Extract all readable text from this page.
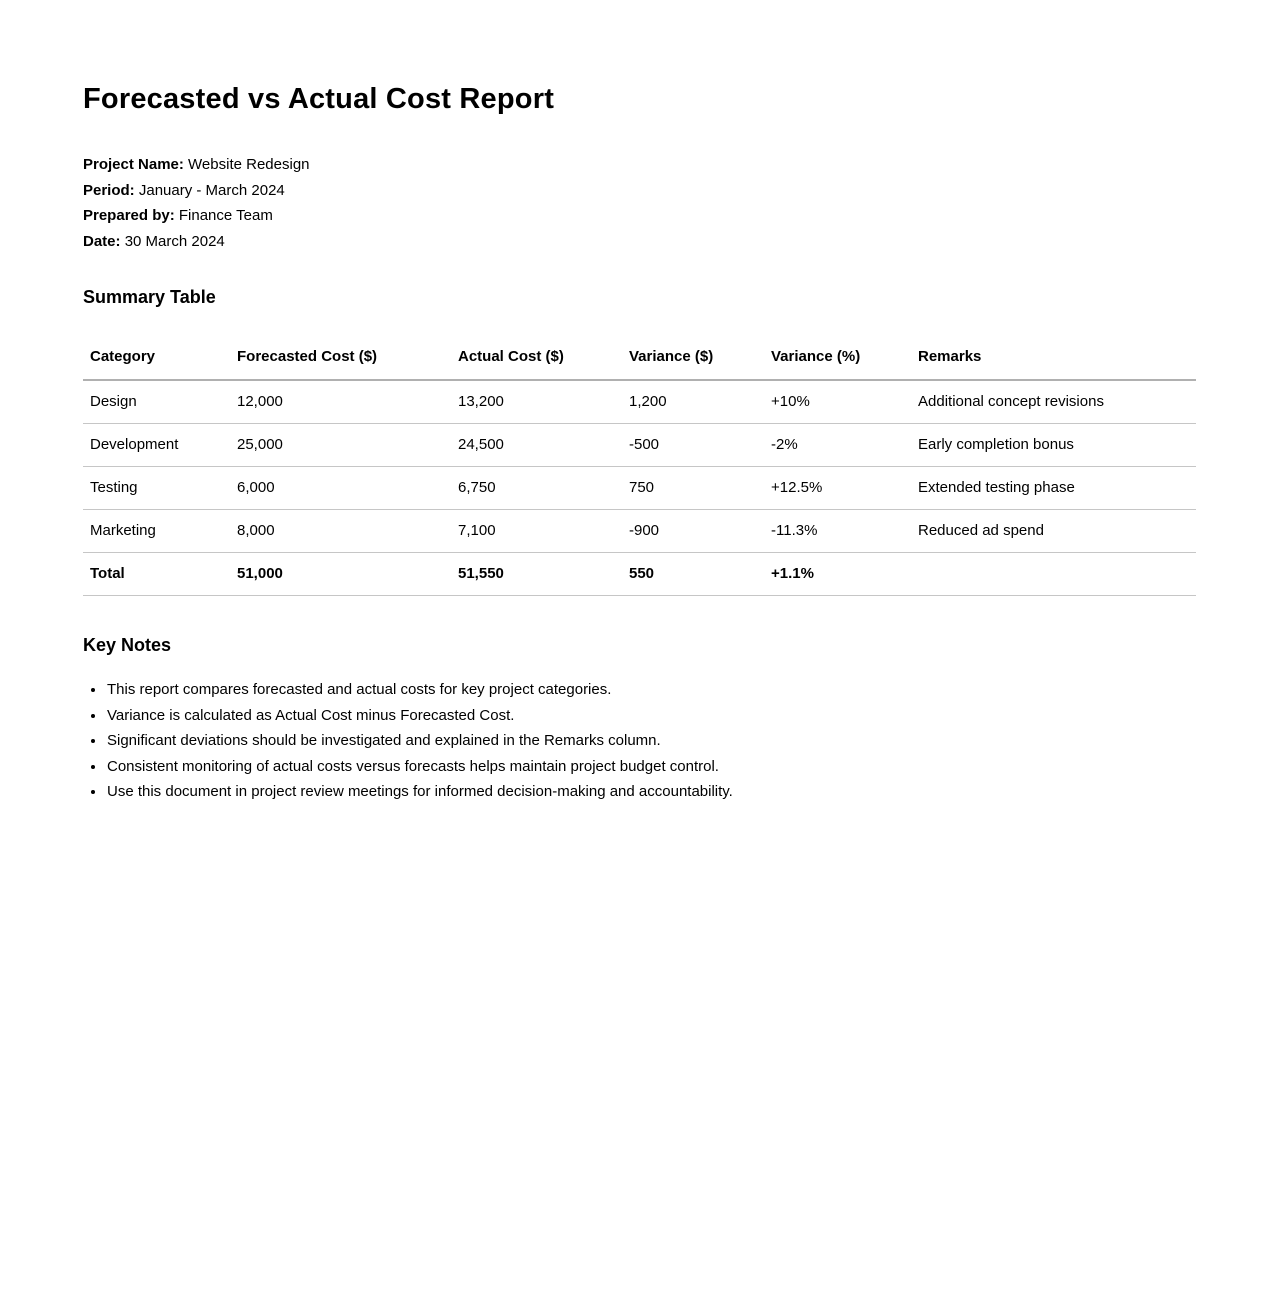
Forecasted vs Actual Cost Report

Project Name: Website Redesign

Period: January - March 2024

Prepared by: Finance Team

Date: 30 March 2024

Summary Table
Category	Forecasted Cost ($)	Actual Cost ($)	Variance ($)	Variance (%)	Remarks
Design	12,000	13,200	1,200	+10%	Additional concept revisions
Development	25,000	24,500	-500	-2%	Early completion bonus
Testing	6,000	6,750	750	+12.5%	Extended testing phase
Marketing	8,000	7,100	-900	-11.3%	Reduced ad spend
Total	51,000	51,550	550	+1.1%	
Key Notes
• This report compares forecasted and actual costs for key project categories.
• Variance is calculated as Actual Cost minus Forecasted Cost.
• Significant deviations should be investigated and explained in the Remarks column.
• Consistent monitoring of actual costs versus forecasts helps maintain project budget control.
• Use this document in project review meetings for informed decision-making and accountability.
